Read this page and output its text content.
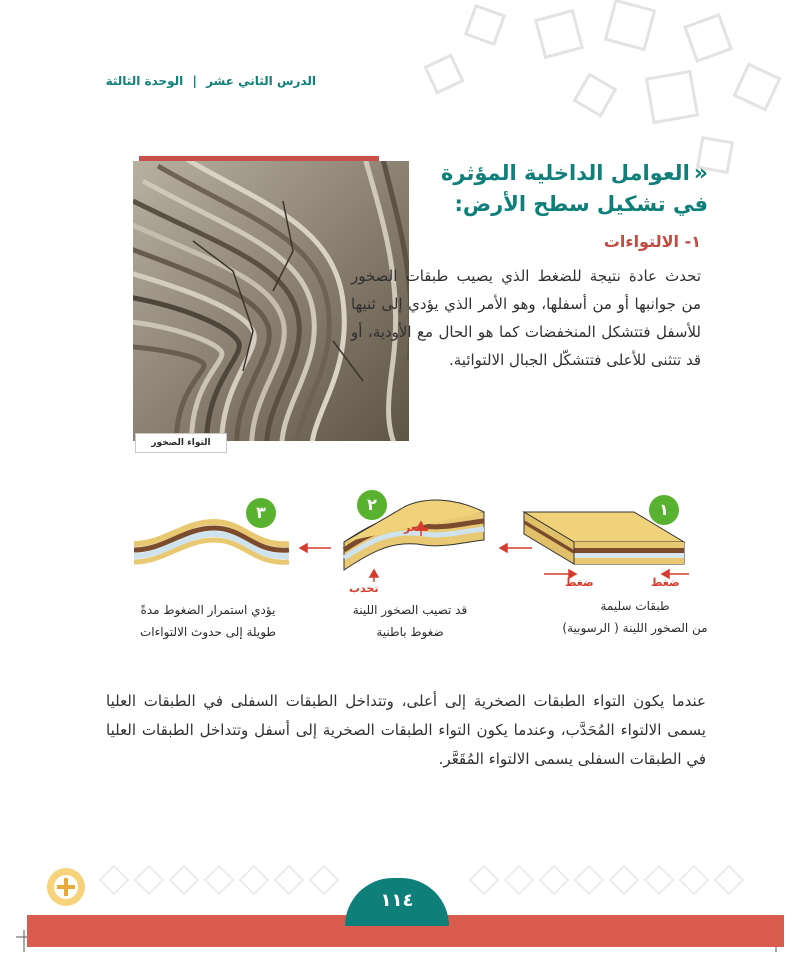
الدرس الثاني عشر | الوحدة الثالثة
التواء الصخور
«العوامل الداخلية المؤثرة في تشكيل سطح الأرض:
١- الالتواءات
تحدث عادة نتيجة للضغط الذي يصيب طبقات الصخور من جوانبها أو من أسفلها، وهو الأمر الذي يؤدي إلى ثنيها للأسفل فتتشكل المنخفضات كما هو الحال مع الأودية، أو قد تتثنى للأعلى فتتشكّل الجبال الالتوائية.
١
٢
٣
ضغط	ضغط
تقعر
تحدب
طبقات سليمة
من الصخور اللينة ( الرسوبية)
قد تصيب الصخور اللينة
ضغوط باطنية
يؤدي استمرار الضغوط مدةً
طويلة إلى حدوث الالتواءات
عندما يكون التواء الطبقات الصخرية إلى أعلى، وتتداخل الطبقات السفلى في الطبقات العليا يسمى الالتواء المُحَدَّب، وعندما يكون التواء الطبقات الصخرية إلى أسفل وتتداخل الطبقات العليا في الطبقات السفلى يسمى الالتواء المُقَعَّر.
١١٤
